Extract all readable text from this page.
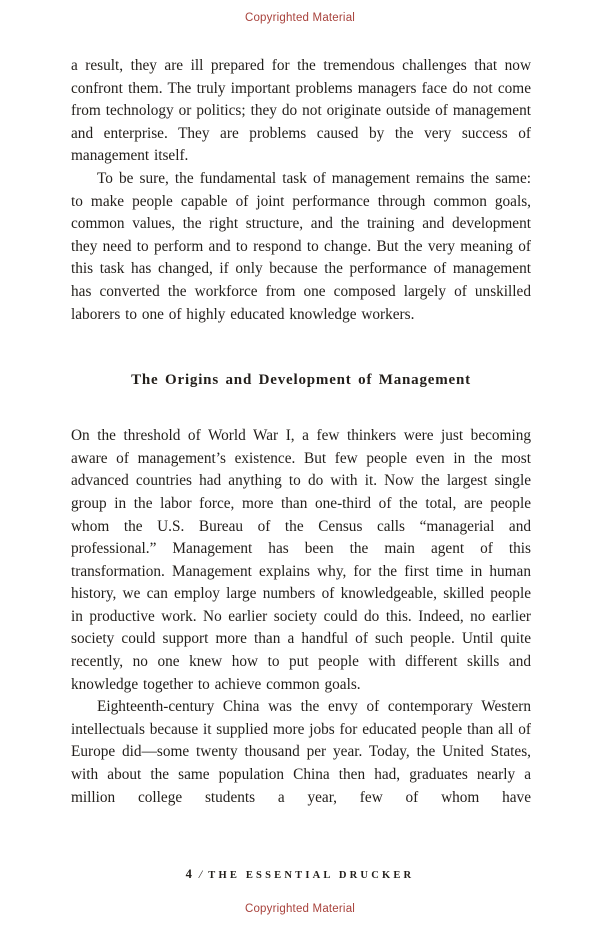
Copyrighted Material

a result, they are ill prepared for the tremendous challenges that now confront them. The truly important problems managers face do not come from technology or politics; they do not originate outside of management and enterprise. They are problems caused by the very success of management itself.

To be sure, the fundamental task of management remains the same: to make people capable of joint performance through common goals, common values, the right structure, and the training and development they need to perform and to respond to change. But the very meaning of this task has changed, if only because the performance of management has converted the workforce from one composed largely of unskilled laborers to one of highly educated knowledge workers.

The Origins and Development of Management

On the threshold of World War I, a few thinkers were just becoming aware of management’s existence. But few people even in the most advanced countries had anything to do with it. Now the largest single group in the labor force, more than one-third of the total, are people whom the U.S. Bureau of the Census calls “managerial and professional.” Management has been the main agent of this transformation. Management explains why, for the first time in human history, we can employ large numbers of knowledgeable, skilled people in productive work. No earlier society could do this. Indeed, no earlier society could support more than a handful of such people. Until quite recently, no one knew how to put people with different skills and knowledge together to achieve common goals.

Eighteenth-century China was the envy of contemporary Western intellectuals because it supplied more jobs for educated people than all of Europe did—some twenty thousand per year. Today, the United States, with about the same population China then had, graduates nearly a million college students a year, few of whom have

4 / THE ESSENTIAL DRUCKER
Copyrighted Material
